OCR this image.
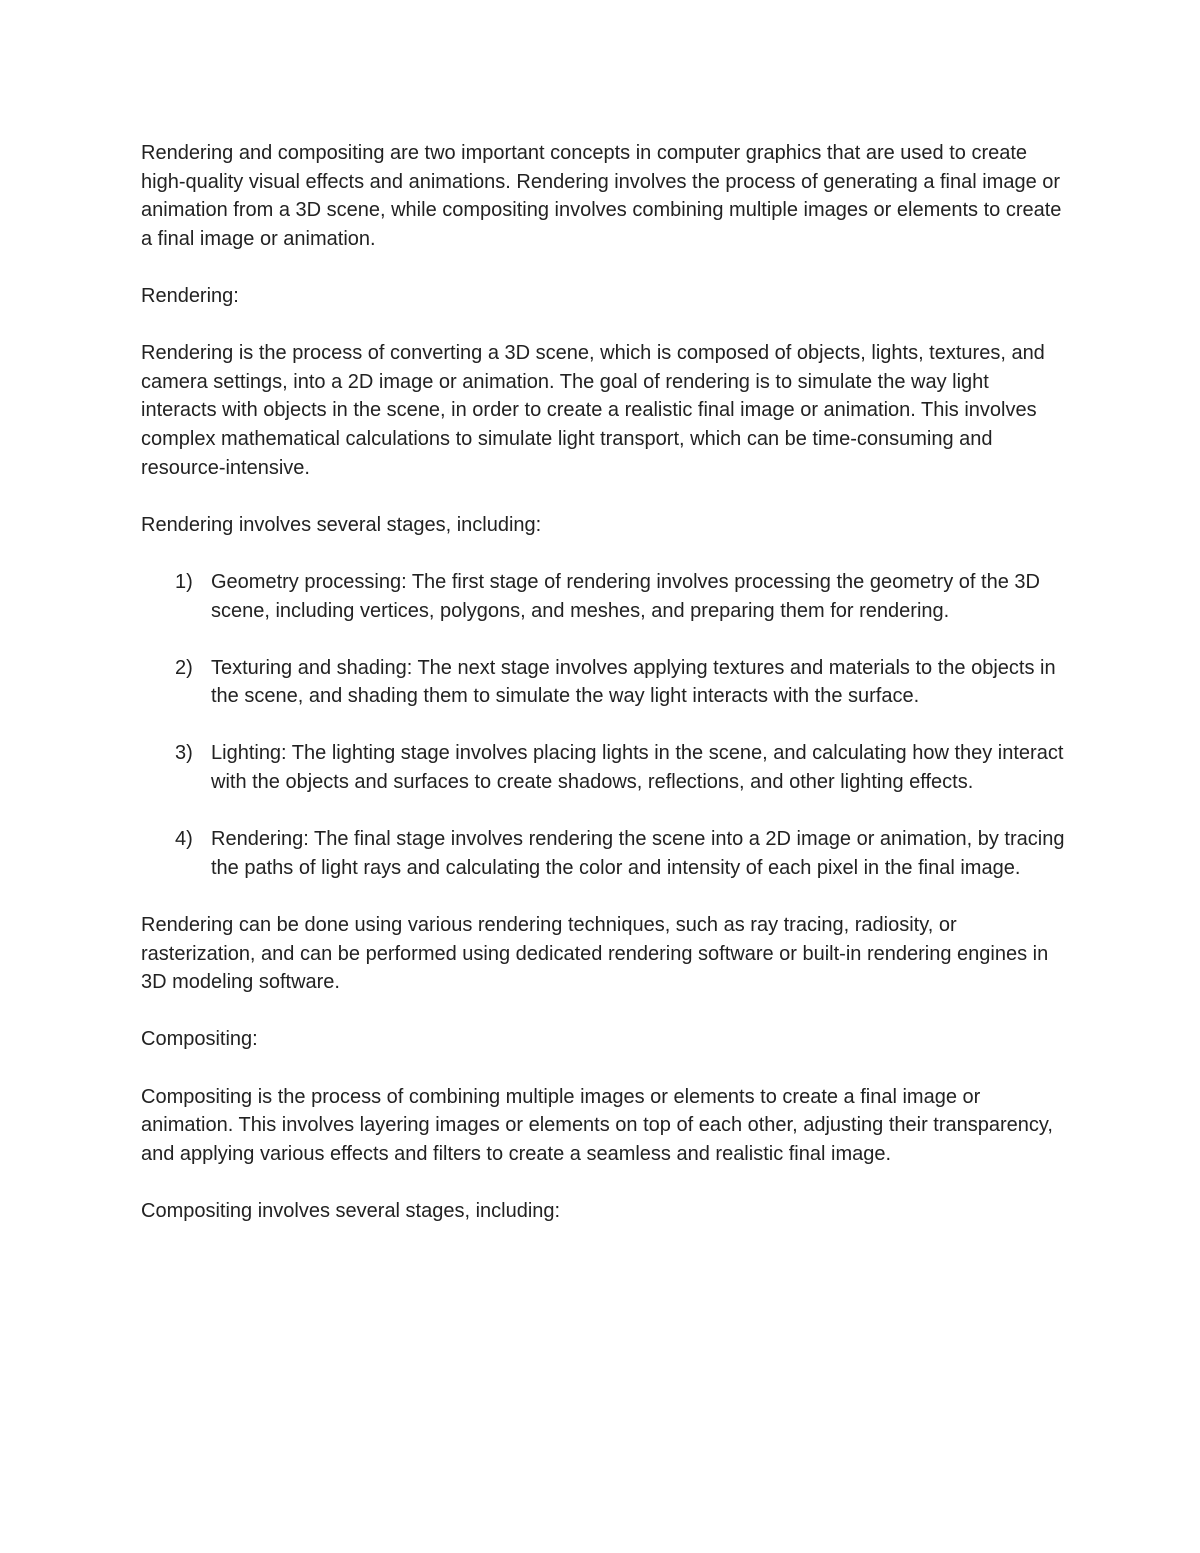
Rendering and compositing are two important concepts in computer graphics that are used to create high-quality visual effects and animations. Rendering involves the process of generating a final image or animation from a 3D scene, while compositing involves combining multiple images or elements to create a final image or animation.

Rendering:

Rendering is the process of converting a 3D scene, which is composed of objects, lights, textures, and camera settings, into a 2D image or animation. The goal of rendering is to simulate the way light interacts with objects in the scene, in order to create a realistic final image or animation. This involves complex mathematical calculations to simulate light transport, which can be time-consuming and resource-intensive.

Rendering involves several stages, including:

1) Geometry processing: The first stage of rendering involves processing the geometry of the 3D scene, including vertices, polygons, and meshes, and preparing them for rendering.
2) Texturing and shading: The next stage involves applying textures and materials to the objects in the scene, and shading them to simulate the way light interacts with the surface.
3) Lighting: The lighting stage involves placing lights in the scene, and calculating how they interact with the objects and surfaces to create shadows, reflections, and other lighting effects.
4) Rendering: The final stage involves rendering the scene into a 2D image or animation, by tracing the paths of light rays and calculating the color and intensity of each pixel in the final image.

Rendering can be done using various rendering techniques, such as ray tracing, radiosity, or rasterization, and can be performed using dedicated rendering software or built-in rendering engines in 3D modeling software.

Compositing:

Compositing is the process of combining multiple images or elements to create a final image or animation. This involves layering images or elements on top of each other, adjusting their transparency, and applying various effects and filters to create a seamless and realistic final image.

Compositing involves several stages, including:
